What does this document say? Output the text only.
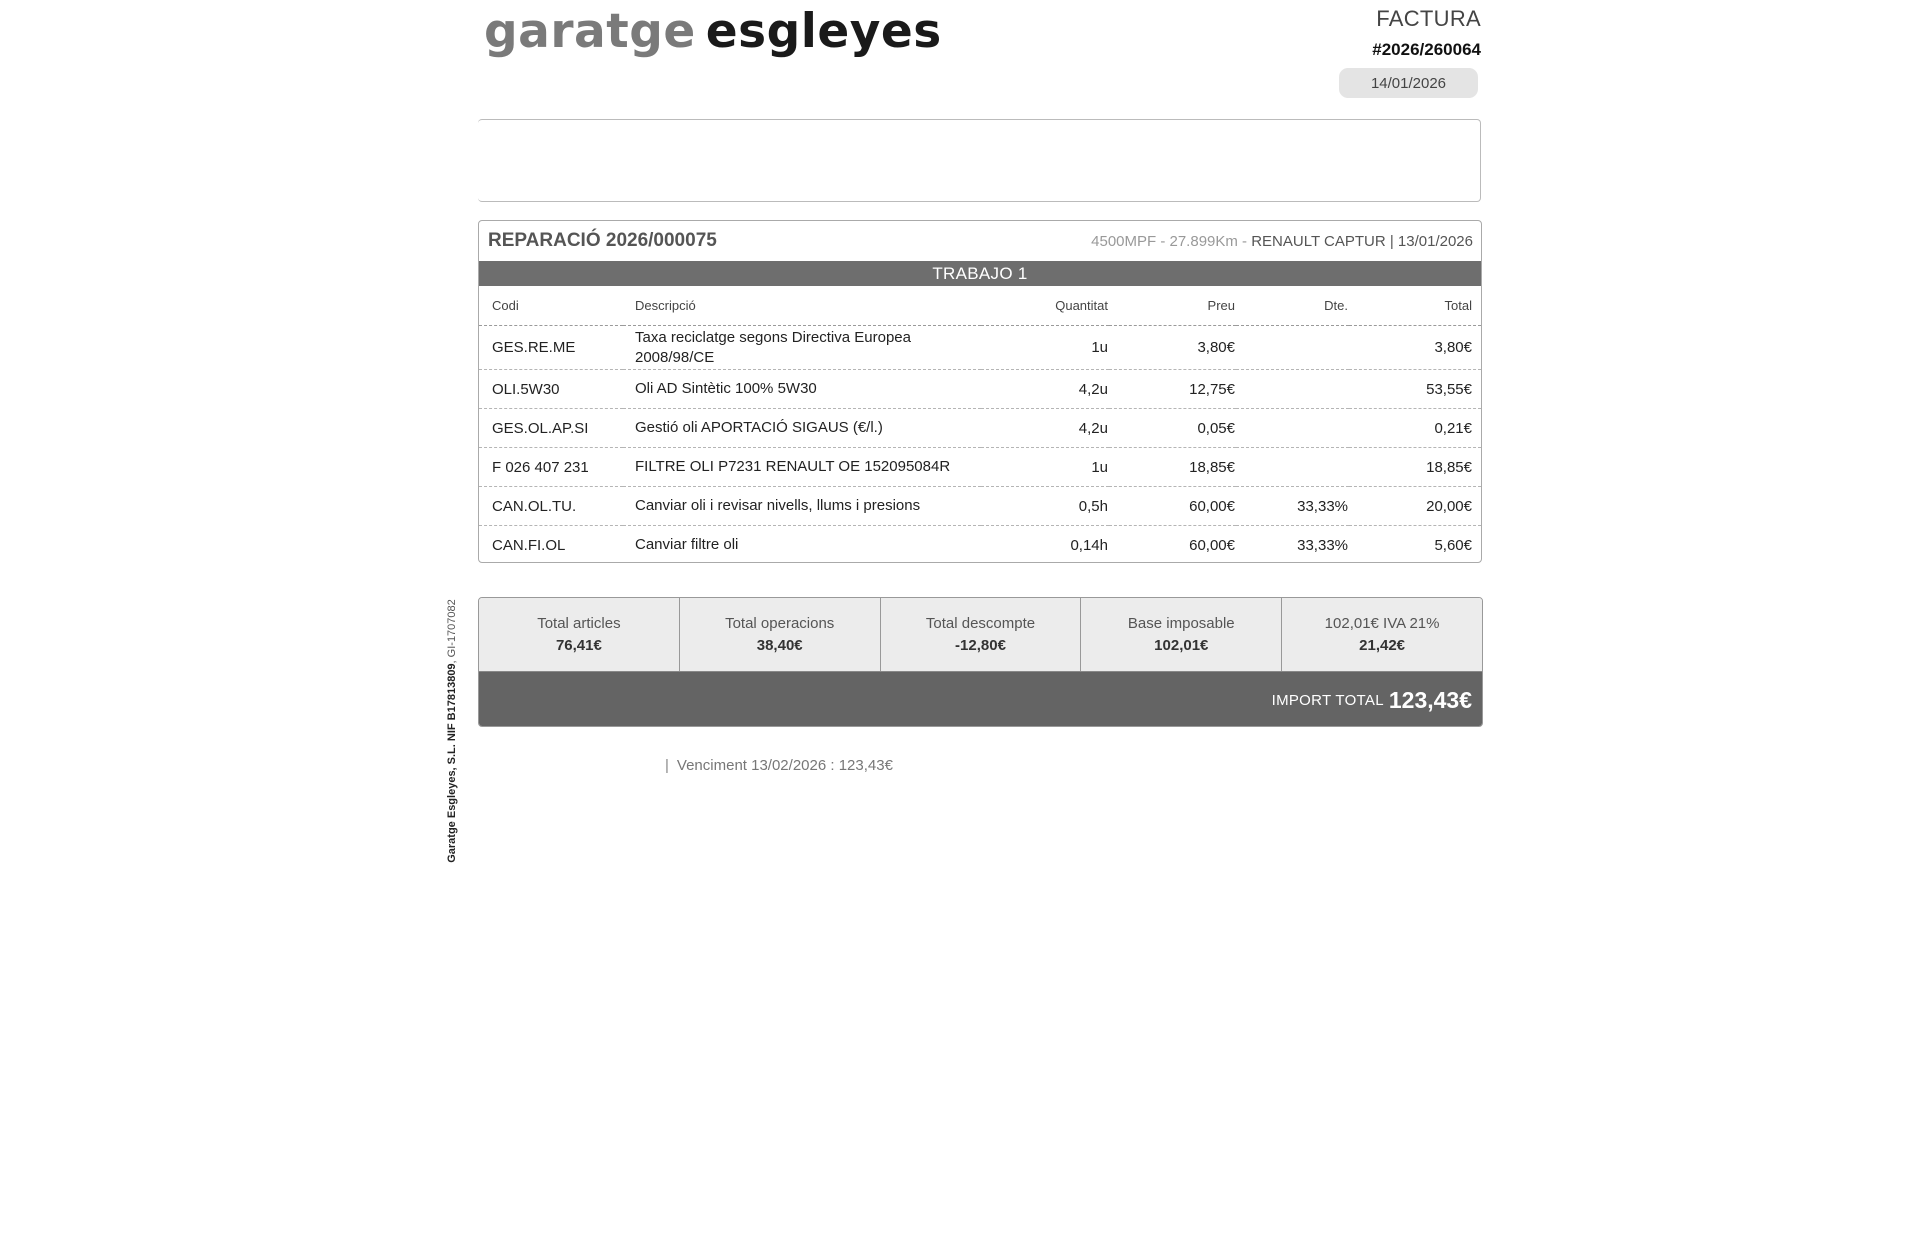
Garatge Esgleyes, S.L. NIF B17813809, GI-1707082
garatge esgleyes	FACTURA
#2026/260064
14/01/2026
REPARACIÓ 2026/000075	4500MPF - 27.899Km - RENAULT CAPTUR | 13/01/2026
TRABAJO 1
Codi	Descripció	Quantitat	Preu	Dte.	Total
GES.RE.ME	Taxa reciclatge segons Directiva Europea 2008/98/CE	1u	3,80€		3,80€
OLI.5W30	Oli AD Sintètic 100% 5W30	4,2u	12,75€		53,55€
GES.OL.AP.SI	Gestió oli APORTACIÓ SIGAUS (€/l.)	4,2u	0,05€		0,21€
F 026 407 231	FILTRE OLI P7231 RENAULT OE 152095084R	1u	18,85€		18,85€
CAN.OL.TU.	Canviar oli i revisar nivells, llums i presions	0,5h	60,00€	33,33%	20,00€
CAN.FI.OL	Canviar filtre oli	0,14h	60,00€	33,33%	5,60€
Total articles
76,41€
Total operacions
38,40€
Total descompte
-12,80€
Base imposable
102,01€
102,01€ IVA 21%
21,42€
IMPORT TOTAL 123,43€
| Venciment 13/02/2026 : 123,43€
